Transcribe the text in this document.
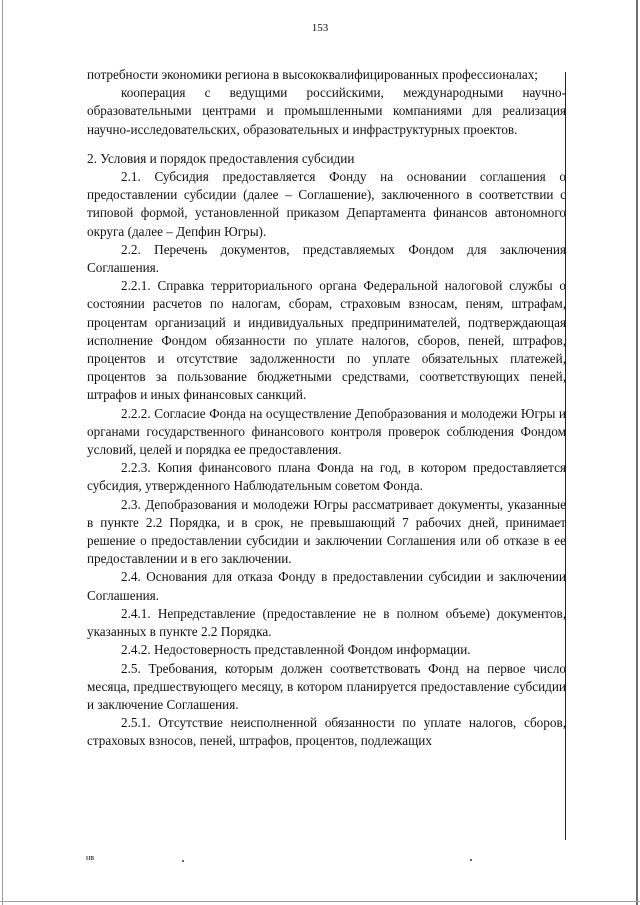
153

потребности экономики региона в высококвалифицированных профессионалах;

кооперация с ведущими российскими, международными научно-образовательными центрами и промышленными компаниями для реализация научно-исследовательских, образовательных и инфраструктурных проектов.

2. Условия и порядок предоставления субсидии

2.1. Субсидия предоставляется Фонду на основании соглашения о предоставлении субсидии (далее – Соглашение), заключенного в соответствии с типовой формой, установленной приказом Департамента финансов автономного округа (далее – Депфин Югры).

2.2. Перечень документов, представляемых Фондом для заключения Соглашения.

2.2.1. Справка территориального органа Федеральной налоговой службы о состоянии расчетов по налогам, сборам, страховым взносам, пеням, штрафам, процентам организаций и индивидуальных предпринимателей, подтверждающая исполнение Фондом обязанности по уплате налогов, сборов, пеней, штрафов, процентов и отсутствие задолженности по уплате обязательных платежей, процентов за пользование бюджетными средствами, соответствующих пеней, штрафов и иных финансовых санкций.

2.2.2. Согласие Фонда на осуществление Депобразования и молодежи Югры и органами государственного финансового контроля проверок соблюдения Фондом условий, целей и порядка ее предоставления.

2.2.3. Копия финансового плана Фонда на год, в котором предоставляется субсидия, утвержденного Наблюдательным советом Фонда.

2.3. Депобразования и молодежи Югры рассматривает документы, указанные в пункте 2.2 Порядка, и в срок, не превышающий 7 рабочих дней, принимает решение о предоставлении субсидии и заключении Соглашения или об отказе в ее предоставлении и в его заключении.

2.4. Основания для отказа Фонду в предоставлении субсидии и заключении Соглашения.

2.4.1. Непредставление (предоставление не в полном объеме) документов, указанных в пункте 2.2 Порядка.

2.4.2. Недостоверность представленной Фондом информации.

2.5. Требования, которым должен соответствовать Фонд на первое число месяца, предшествующего месяцу, в котором планируется предоставление субсидии и заключение Соглашения.

2.5.1. Отсутствие неисполненной обязанности по уплате налогов, сборов, страховых взносов, пеней, штрафов, процентов, подлежащих

нв
